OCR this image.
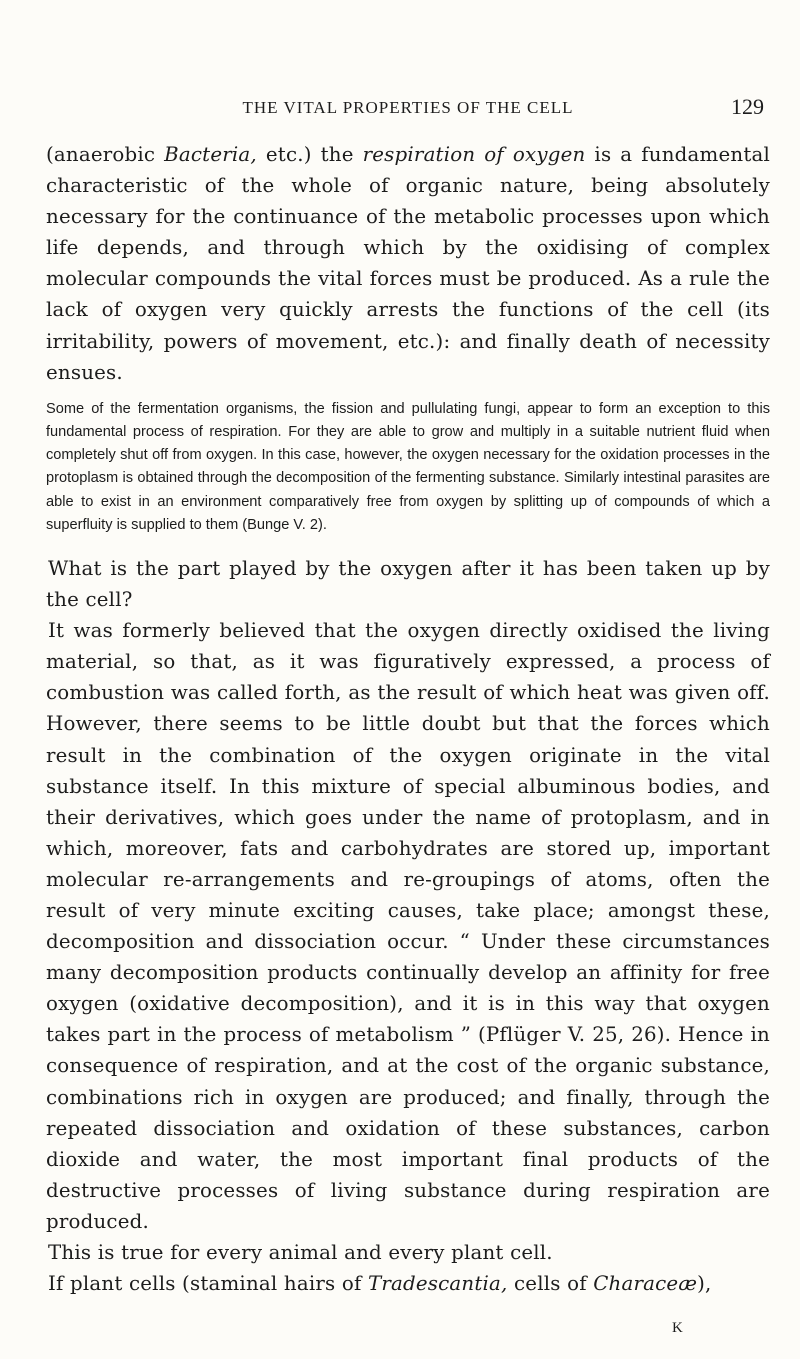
THE VITAL PROPERTIES OF THE CELL	129

(anaerobic Bacteria, etc.) the respiration of oxygen is a fundamental characteristic of the whole of organic nature, being absolutely necessary for the continuance of the metabolic processes upon which life depends, and through which by the oxidising of complex molecular compounds the vital forces must be produced. As a rule the lack of oxygen very quickly arrests the functions of the cell (its irritability, powers of movement, etc.): and finally death of necessity ensues.

Some of the fermentation organisms, the fission and pullulating fungi, appear to form an exception to this fundamental process of respiration. For they are able to grow and multiply in a suitable nutrient fluid when completely shut off from oxygen. In this case, however, the oxygen necessary for the oxidation processes in the protoplasm is obtained through the decomposition of the fermenting substance. Similarly intestinal parasites are able to exist in an environment comparatively free from oxygen by splitting up of compounds of which a superfluity is supplied to them (Bunge V. 2).

What is the part played by the oxygen after it has been taken up by the cell?

It was formerly believed that the oxygen directly oxidised the living material, so that, as it was figuratively expressed, a process of combustion was called forth, as the result of which heat was given off. However, there seems to be little doubt but that the forces which result in the combination of the oxygen originate in the vital substance itself. In this mixture of special albuminous bodies, and their derivatives, which goes under the name of protoplasm, and in which, moreover, fats and carbohydrates are stored up, important molecular re-arrangements and re-groupings of atoms, often the result of very minute exciting causes, take place; amongst these, decomposition and dissociation occur. “ Under these circumstances many decomposition products continually develop an affinity for free oxygen (oxidative decomposition), and it is in this way that oxygen takes part in the process of metabolism ” (Pflüger V. 25, 26). Hence in consequence of respiration, and at the cost of the organic substance, combinations rich in oxygen are produced; and finally, through the repeated dissociation and oxidation of these substances, carbon dioxide and water, the most important final products of the destructive processes of living substance during respiration are produced.

This is true for every animal and every plant cell.

If plant cells (staminal hairs of Tradescantia, cells of Characeæ),

K
